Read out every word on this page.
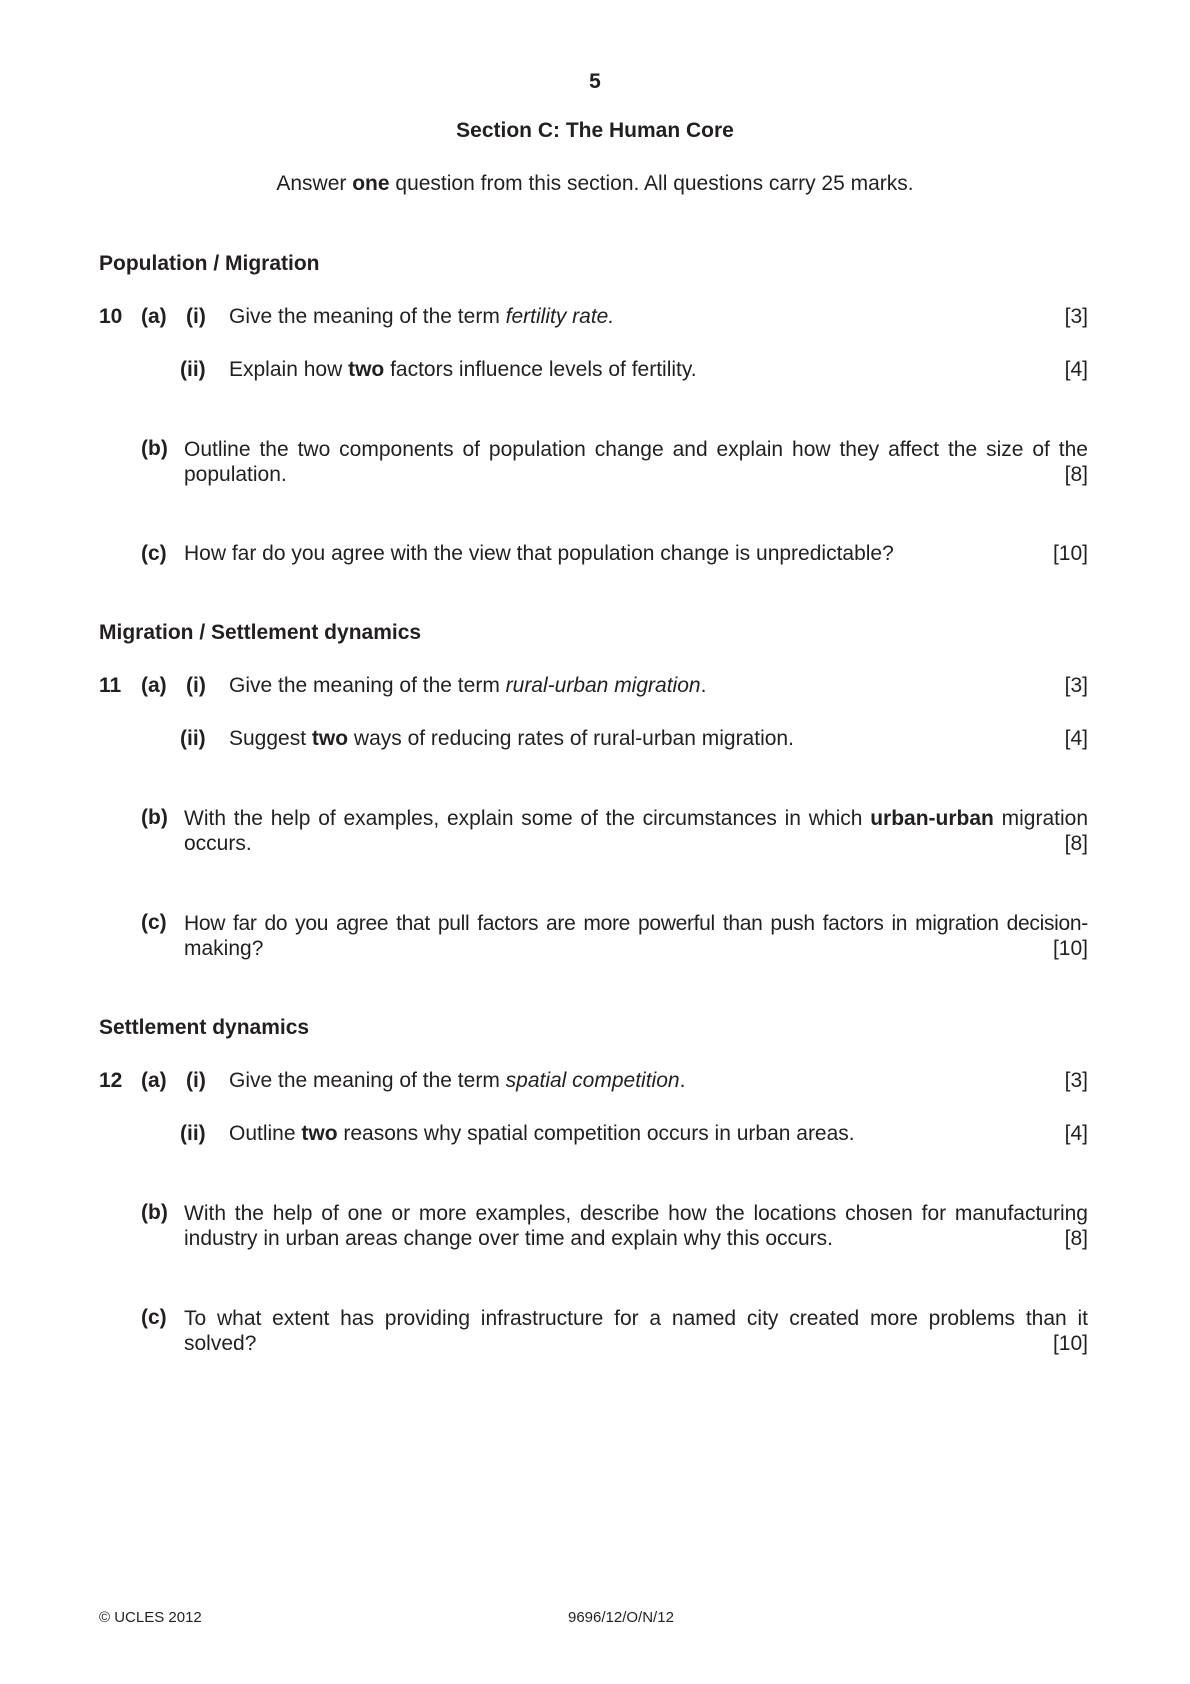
5
Section C: The Human Core
Answer one question from this section. All questions carry 25 marks.
Population / Migration
10 (a) (i) Give the meaning of the term fertility rate.	[3]
(ii) Explain how two factors influence levels of fertility.	[4]
(b) Outline the two components of population change and explain how they affect the size of the
population.	[8]
(c) How far do you agree with the view that population change is unpredictable?	[10]
Migration / Settlement dynamics
11 (a) (i) Give the meaning of the term rural-urban migration.	[3]
(ii) Suggest two ways of reducing rates of rural-urban migration.	[4]
(b) With the help of examples, explain some of the circumstances in which urban-urban migration
occurs.	[8]
(c) How far do you agree that pull factors are more powerful than push factors in migration decision-
making?	[10]
Settlement dynamics
12 (a) (i) Give the meaning of the term spatial competition.	[3]
(ii) Outline two reasons why spatial competition occurs in urban areas.	[4]
(b) With the help of one or more examples, describe how the locations chosen for manufacturing
industry in urban areas change over time and explain why this occurs.	[8]
(c) To what extent has providing infrastructure for a named city created more problems than it
solved?	[10]
© UCLES 2012	9696/12/O/N/12
